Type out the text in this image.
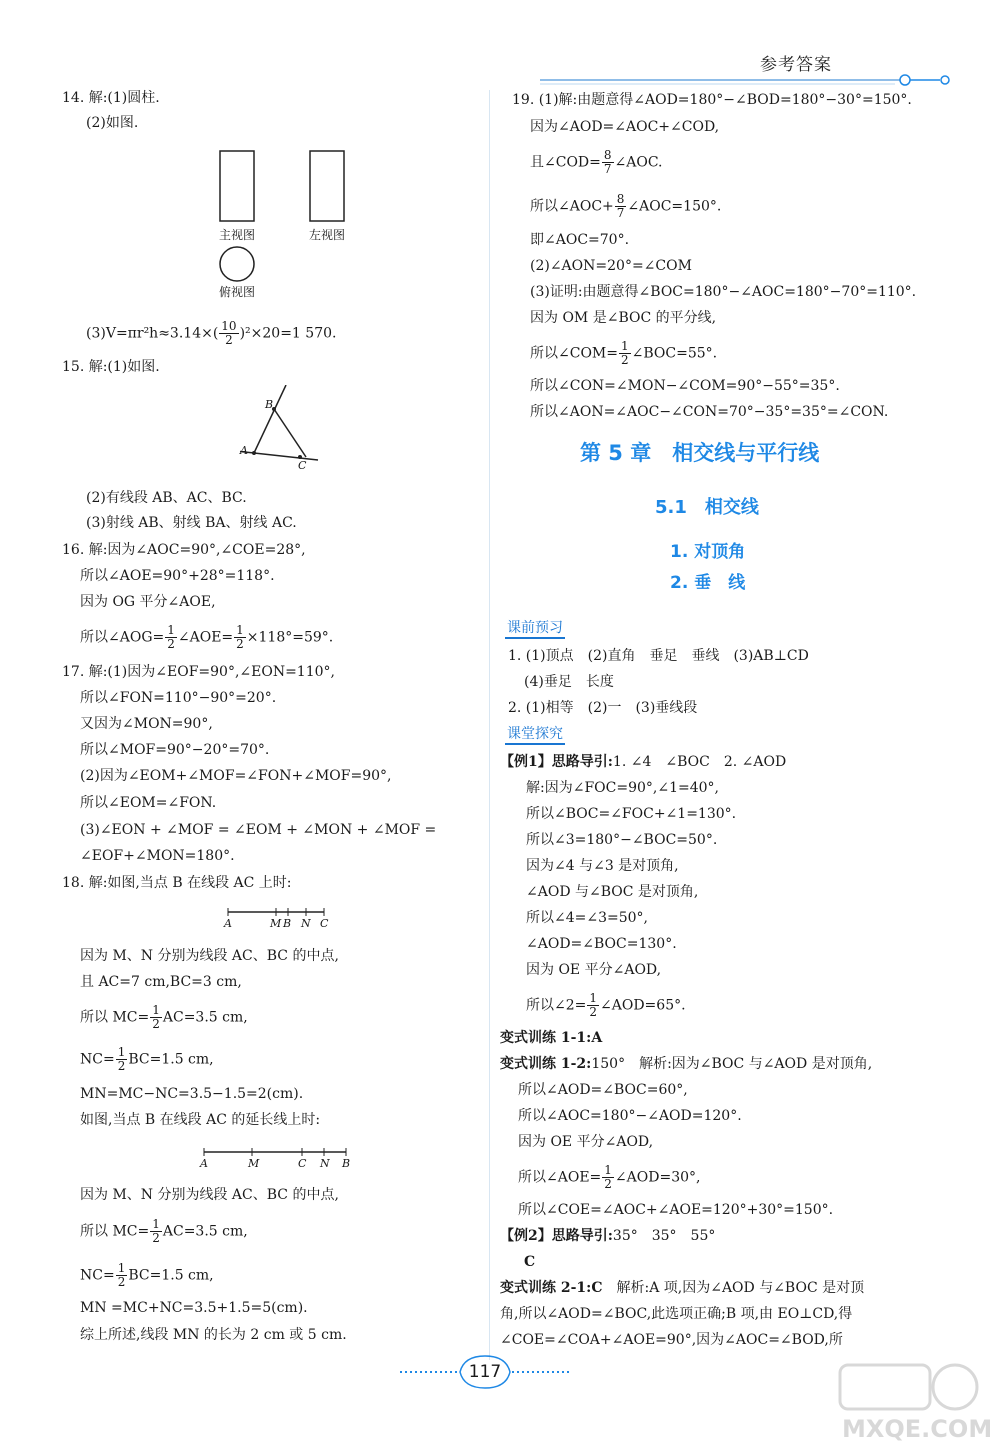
参考答案
14. 解:(1)圆柱.
(2)如图.
主视图	左视图
俯视图
$(3)V=\pi r^2h\approx 3.14\times( \frac{10}{2} )^2\times 20=1$ 570.
15. 解:(1)如图.
B
A
C
(2)有线段 AB、AC、BC.
(3)射线 AB、射线 BA、射线 AC.
16. 解:因为∠AOC=90°,∠COE=28°,
所以∠AOE=90°+28°=118°.
因为 OG 平分∠AOE,
所以∠AOG= $\frac{1}{2}$ ∠AOE= $\frac{1}{2} \times 118^\circ=59^\circ$.
17. 解:(1)因为∠EOF=90°,∠EON=110°,
所以∠FON=110°−90°=20°.
又因为∠MON=90°,
所以∠MOF=90°−20°=70°.
(2)因为∠EOM+∠MOF=∠FON+∠MOF=90°,
所以∠EOM=∠FON.
(3)∠EON + ∠MOF = ∠EOM + ∠MON + ∠MOF =
∠EOF+∠MON=180°.
18. 解:如图,当点 B 在线段 AC 上时:
A	M B N C
因为 M、N 分别为线段 AC、BC 的中点,
且 AC=7 cm,BC=3 cm,
所以 $MC= \frac{1}{2} AC=3.5$ cm,
$NC= \frac{1}{2} BC=1.5$ cm,
MN=MC−NC=3.5−1.5=2(cm).
如图,当点 B 在线段 AC 的延长线上时:
A	M	C N B
因为 M、N 分别为线段 AC、BC 的中点,
所以 $MC= \frac{1}{2} AC=3.5$ cm,
$NC= \frac{1}{2} BC=1.5$ cm,
MN =MC+NC=3.5+1.5=5(cm).
综上所述,线段 MN 的长为 2 cm 或 5 cm.
19. (1)解:由题意得∠AOD=180°−∠BOD=180°−30°=150°.
因为∠AOD=∠AOC+∠COD,
且∠COD= $\frac{8}{7}$ ∠AOC.
所以∠AOC+ $\frac{8}{7}$ ∠AOC=150°.
即∠AOC=70°.
(2)∠AON=20°=∠COM
(3)证明:由题意得∠BOC=180°−∠AOC=180°−70°=110°.
因为 OM 是∠BOC 的平分线,
所以∠COM= $\frac{1}{2}$ ∠BOC=55°.
所以∠CON=∠MON−∠COM=90°−55°=35°.
所以∠AON=∠AOC−∠CON=70°−35°=35°=∠CON.
第 5 章　相交线与平行线
5.1　相交线
1. 对顶角
2. 垂　线
课前预习
1. (1)顶点　(2)直角　垂足　垂线　(3)AB⊥CD
(4)垂足　长度
2. (1)相等　(2)一　(3)垂线段
课堂探究
【例1】思路导引:1. ∠4　∠BOC　2. ∠AOD
解:因为∠FOC=90°,∠1=40°,
所以∠BOC=∠FOC+∠1=130°.
所以∠3=180°−∠BOC=50°.
因为∠4 与∠3 是对顶角,
∠AOD 与∠BOC 是对顶角,
所以∠4=∠3=50°,
∠AOD=∠BOC=130°.
因为 OE 平分∠AOD,
所以∠2= $\frac{1}{2}$ ∠AOD=65°.
变式训练 1-1:A
变式训练 1-2:150°　解析:因为∠BOC 与∠AOD 是对顶角,
所以∠AOD=∠BOC=60°,
所以∠AOC=180°−∠AOD=120°.
因为 OE 平分∠AOD,
所以∠AOE= $\frac{1}{2}$ ∠AOD=30°,
所以∠COE=∠AOC+∠AOE=120°+30°=150°.
【例2】思路导引:35°　35°　55°
C
变式训练 2-1:C　解析:A 项,因为∠AOD 与∠BOC 是对顶
角,所以∠AOD=∠BOC,此选项正确;B 项,由 EO⊥CD,得
∠COE=∠COA+∠AOE=90°,因为∠AOC=∠BOD,所
117
MXQE.COM
